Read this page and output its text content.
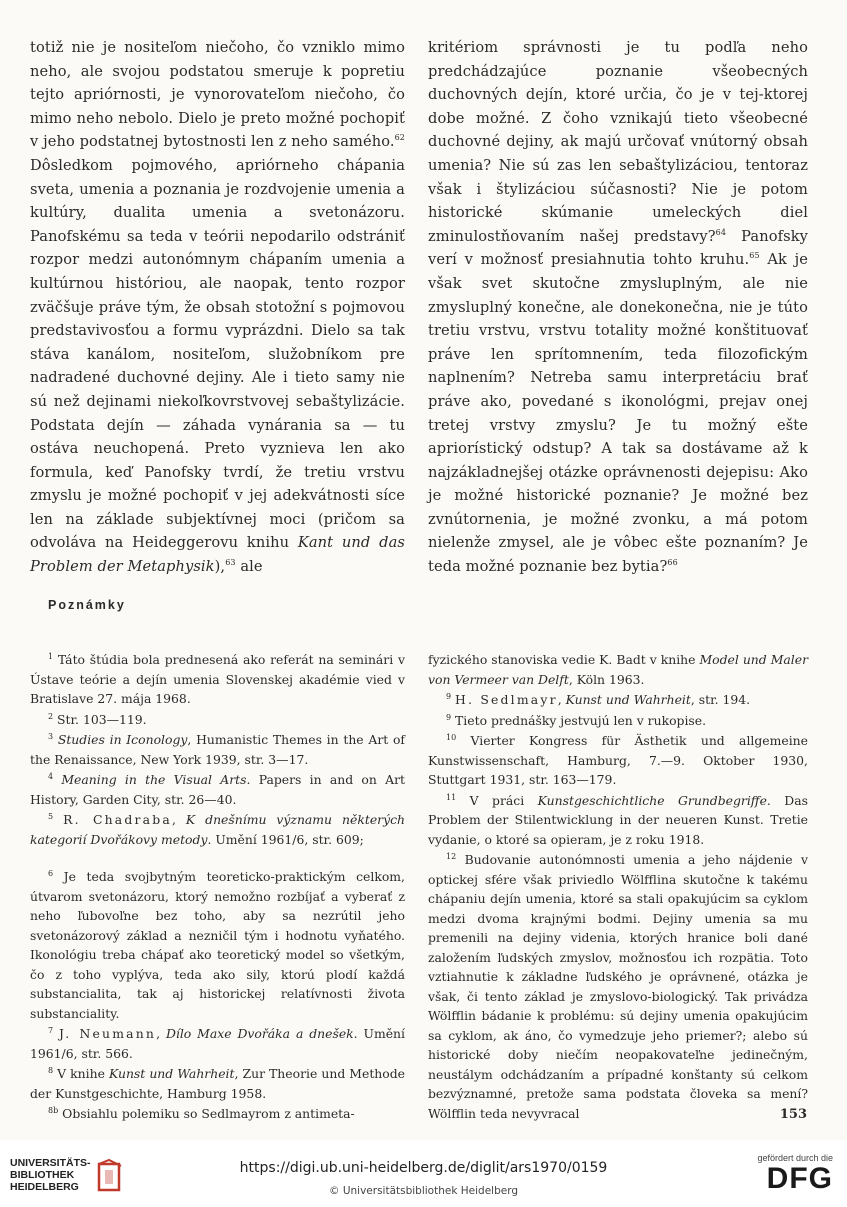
totiž nie je nositeľom niečoho, čo vzniklo mimo neho, ale svojou podstatou smeruje k popretiu tejto apriórnosti, je vynorovateľom niečoho, čo mimo neho nebolo. Dielo je preto možné pochopiť v jeho podstatnej bytostnosti len z neho samého.$^{62}$ Dôsledkom pojmového, apriórneho chápania sveta, umenia a poznania je rozdvojenie umenia a kultúry, dualita umenia a svetonázoru. Panofskému sa teda v teórii nepodarilo odstrániť rozpor medzi autonómnym chápaním umenia a kultúrnou históriou, ale naopak, tento rozpor zväčšuje práve tým, že obsah stotožní s pojmovou predstavivosťou a formu vyprázdni. Dielo sa tak stáva kanálom, nositeľom, služobníkom pre nadradené duchovné dejiny. Ale i tieto samy nie sú než dejinami niekoľkovrstvovej sebaštylizácie. Podstata dejín — záhada vynárania sa — tu ostáva neuchopená. Preto vyznieva len ako formula, keď Panofsky tvrdí, že tretiu vrstvu zmyslu je možné pochopiť v jej adekvátnosti síce len na základe subjektívnej moci (pričom sa odvoláva na Heideggerovu knihu Kant und das Problem der Metaphysik),$^{63}$ ale

kritériom správnosti je tu podľa neho predchádzajúce poznanie všeobecných duchovných dejín, ktoré určia, čo je v tej-ktorej dobe možné. Z čoho vznikajú tieto všeobecné duchovné dejiny, ak majú určovať vnútorný obsah umenia? Nie sú zas len sebaštylizáciou, tentoraz však i štylizáciou súčasnosti? Nie je potom historické skúmanie umeleckých diel zminulostňovaním našej predstavy?$^{64}$ Panofsky verí v možnosť presiahnutia tohto kruhu.$^{65}$ Ak je však svet skutočne zmysluplným, ale nie zmysluplný konečne, ale donekonečna, nie je túto tretiu vrstvu, vrstvu totality možné konštituovať práve len sprítomnením, teda filozofickým naplnením? Netreba samu interpretáciu brať práve ako, povedané s ikonológmi, prejav onej tretej vrstvy zmyslu? Je tu možný ešte apriorístický odstup? A tak sa dostávame až k najzákladnejšej otázke oprávnenosti dejepisu: Ako je možné historické poznanie? Je možné bez zvnútornenia, je možné zvonku, a má potom nielenže zmysel, ale je vôbec ešte poznaním? Je teda možné poznanie bez bytia?$^{66}$

Poznámky

$^1$ Táto štúdia bola prednesená ako referát na seminári v Ústave teórie a dejín umenia Slovenskej akadémie vied v Bratislave 27. mája 1968.

$^2$ Str. 103—119.

$^3$ Studies in Iconology, Humanistic Themes in the Art of the Renaissance, New York 1939, str. 3—17.

$^4$ Meaning in the Visual Arts. Papers in and on Art History, Garden City, str. 26—40.

$^5$ R. Chadraba, K dnešnímu významu některých kategorií Dvořákovy metody. Umění 1961/6, str. 609;

$^6$ Je teda svojbytným teoreticko-praktickým celkom, útvarom svetonázoru, ktorý nemožno rozbíjať a vyberať z neho ľubovoľne bez toho, aby sa nezrútil jeho svetonázorový základ a nezničil tým i hodnotu vyňatého. Ikonológiu treba chápať ako teoretický model so všetkým, čo z toho vyplýva, teda ako sily, ktorú plodí každá substancialita, tak aj historickej relatívnosti života substanciality.

$^7$ J. Neumann, Dílo Maxe Dvořáka a dnešek. Umění 1961/6, str. 566.

$^8$ V knihe Kunst und Wahrheit, Zur Theorie und Methode der Kunstgeschichte, Hamburg 1958.

$^{8b}$ Obsiahlu polemiku so Sedlmayrom z antimeta-

fyzického stanoviska vedie K. Badt v knihe Model und Maler von Vermeer van Delft, Köln 1963.

$^9$ H. Sedlmayr, Kunst und Wahrheit, str. 194.

$^9$ Tieto prednášky jestvujú len v rukopise.

$^{10}$ Vierter Kongress für Ästhetik und allgemeine Kunstwissenschaft, Hamburg, 7.—9. Oktober 1930, Stuttgart 1931, str. 163—179.

$^{11}$ V práci Kunstgeschichtliche Grundbegriffe. Das Problem der Stilentwicklung in der neueren Kunst. Tretie vydanie, o ktoré sa opieram, je z roku 1918.

$^{12}$ Budovanie autonómnosti umenia a jeho nájdenie v optickej sfére však priviedlo Wölfflina skutočne k takému chápaniu dejín umenia, ktoré sa stali opakujúcim sa cyklom medzi dvoma krajnými bodmi. Dejiny umenia sa mu premenili na dejiny videnia, ktorých hranice boli dané založením ľudských zmyslov, možnosťou ich rozpätia. Toto vztiahnutie k základne ľudského je oprávnené, otázka je však, či tento základ je zmyslovo-biologický. Tak privádza Wölfflin bádanie k problému: sú dejiny umenia opakujúcim sa cyklom, ak áno, čo vymedzuje jeho priemer?; alebo sú historické doby niečím neopakovateľne jedinečným, neustálym odchádzaním a prípadné konštanty sú celkom bezvýznamné, pretože sama podstata človeka sa mení? Wölfflin teda nevyvracal	153
UNIVERSITÄTS-
BIBLIOTHEK
HEIDELBERG
https://digi.ub.uni-heidelberg.de/diglit/ars1970/0159
© Universitätsbibliothek Heidelberg
gefördert durch die
DFG
